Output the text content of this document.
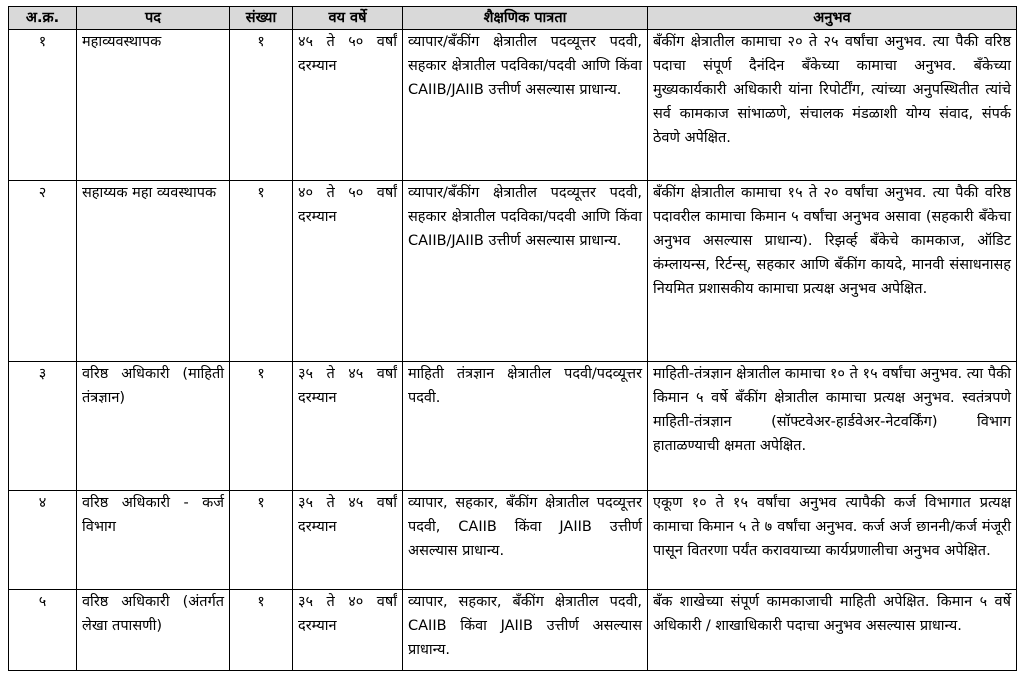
अ.क्र.	पद	संख्या	वय वर्षे	शैक्षणिक पात्रता	अनुभव
१	महाव्यवस्थापक	१	४५ ते ५० वर्षां दरम्यान	व्यापार/बँकींग क्षेत्रातील पदव्यूत्तर पदवी, सहकार क्षेत्रातील पदविका/पदवी आणि किंवा CAIIB/JAIIB उत्तीर्ण असल्यास प्राधान्य.	बँकींग क्षेत्रातील कामाचा २० ते २५ वर्षांचा अनुभव. त्या पैकी वरिष्ठ पदाचा संपूर्ण दैनंदिन बँकेच्या कामाचा अनुभव. बँकेच्या मुख्यकार्यकारी अधिकारी यांना रिपोर्टींग, त्यांच्या अनुपस्थितीत त्यांचे सर्व कामकाज सांभाळणे, संचालक मंडळाशी योग्य संवाद, संपर्क ठेवणे अपेक्षित.
२	सहाय्यक महा व्यवस्थापक	१	४० ते ५० वर्षां दरम्यान	व्यापार/बँकींग क्षेत्रातील पदव्यूत्तर पदवी, सहकार क्षेत्रातील पदविका/पदवी आणि किंवा CAIIB/JAIIB उत्तीर्ण असल्यास प्राधान्य.	बँकींग क्षेत्रातील कामाचा १५ ते २० वर्षांचा अनुभव. त्या पैकी वरिष्ठ पदावरील कामाचा किमान ५ वर्षांचा अनुभव असावा (सहकारी बँकेचा अनुभव असल्यास प्राधान्य). रिझर्व्ह बँकेचे कामकाज, ऑडिट कंम्लायन्स, रिर्टन्स्, सहकार आणि बँकींग कायदे, मानवी संसाधनासह नियमित प्रशासकीय कामाचा प्रत्यक्ष अनुभव अपेक्षित.
३	वरिष्ठ अधिकारी (माहिती तंत्रज्ञान)	१	३५ ते ४५ वर्षां दरम्यान	माहिती तंत्रज्ञान क्षेत्रातील पदवी/पदव्यूत्तर पदवी.	माहिती-तंत्रज्ञान क्षेत्रातील कामाचा १० ते १५ वर्षांचा अनुभव. त्या पैकी किमान ५ वर्षे बँकींग क्षेत्रातील कामाचा प्रत्यक्ष अनुभव. स्वतंत्रपणे माहिती-तंत्रज्ञान (सॉफ्टवेअर-हार्डवेअर-नेटवर्किंग) विभाग हाताळण्याची क्षमता अपेक्षित.
४	वरिष्ठ अधिकारी - कर्ज विभाग	१	३५ ते ४५ वर्षां दरम्यान	व्यापार, सहकार, बँकींग क्षेत्रातील पदव्यूत्तर पदवी, CAIIB किंवा JAIIB उत्तीर्ण असल्यास प्राधान्य.	एकूण १० ते १५ वर्षांचा अनुभव त्यापैकी कर्ज विभागात प्रत्यक्ष कामाचा किमान ५ ते ७ वर्षांचा अनुभव. कर्ज अर्ज छाननी/कर्ज मंजूरी पासून वितरणा पर्यंत करावयाच्या कार्यप्रणालीचा अनुभव अपेक्षित.
५	वरिष्ठ अधिकारी (अंतर्गत लेखा तपासणी)	१	३५ ते ४० वर्षां दरम्यान	व्यापार, सहकार, बँकींग क्षेत्रातील पदवी, CAIIB किंवा JAIIB उत्तीर्ण असल्यास प्राधान्य.	बँक शाखेच्या संपूर्ण कामकाजाची माहिती अपेक्षित. किमान ५ वर्षे अधिकारी / शाखाधिकारी पदाचा अनुभव असल्यास प्राधान्य.
